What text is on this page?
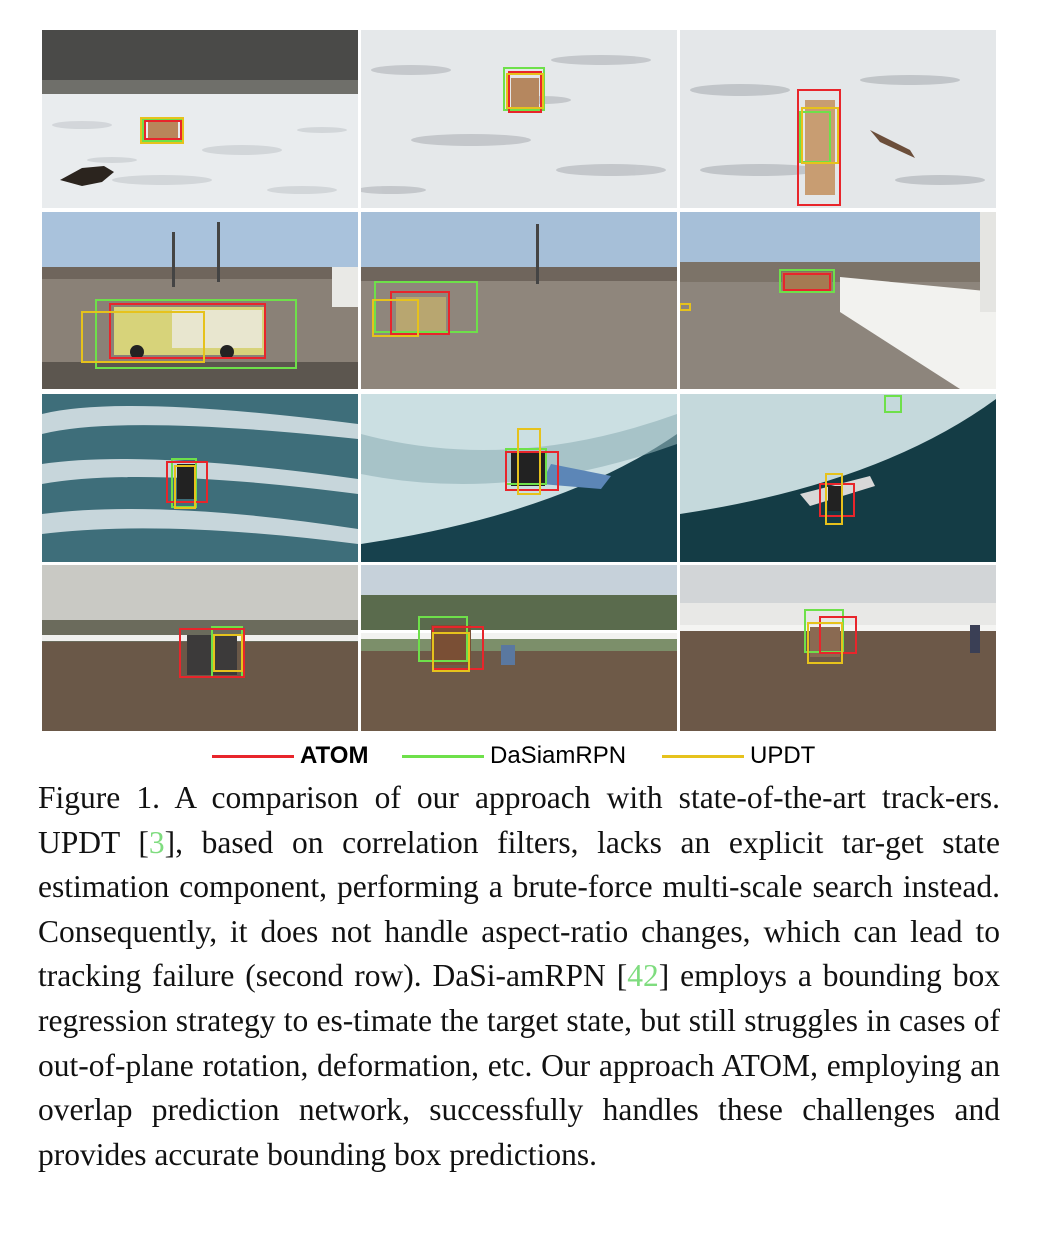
ATOM	DaSiamRPN	UPDT
Figure 1. A comparison of our approach with state-of-the-art track-ers. UPDT [3], based on correlation filters, lacks an explicit tar-get state estimation component, performing a brute-force multi-scale search instead. Consequently, it does not handle aspect-ratio changes, which can lead to tracking failure (second row). DaSi-amRPN [42] employs a bounding box regression strategy to es-timate the target state, but still struggles in cases of out-of-plane rotation, deformation, etc. Our approach ATOM, employing an overlap prediction network, successfully handles these challenges and provides accurate bounding box predictions.
